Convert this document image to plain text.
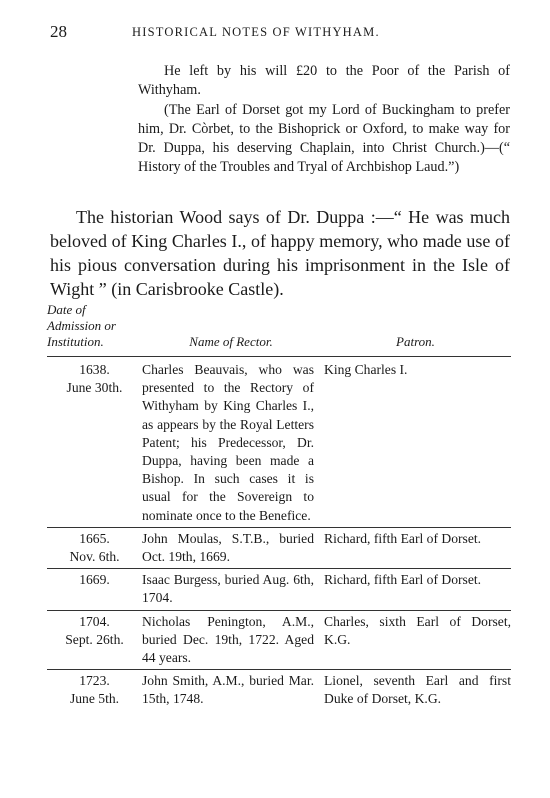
28	HISTORICAL NOTES OF WITHYHAM.

He left by his will £20 to the Poor of the Parish of Withyham.

(The Earl of Dorset got my Lord of Buckingham to prefer him, Dr. Còrbet, to the Bishoprick or Oxford, to make way for Dr. Duppa, his deserving Chaplain, into Christ Church.)—(“ History of the Troubles and Tryal of Archbishop Laud.”)

The historian Wood says of Dr. Duppa :—“ He was much beloved of King Charles I., of happy memory, who made use of his pious conversation during his imprisonment in the Isle of Wight ” (in Carisbrooke Castle).

Date of Admission or Institution.	Name of Rector.	Patron.

1638.
June 30th.	Charles Beauvais, who was presented to the Rectory of Withyham by King Charles I., as appears by the Royal Letters Patent; his Predecessor, Dr. Duppa, having been made a Bishop. In such cases it is usual for the Sovereign to nominate once to the Benefice.	King Charles I.

1665.
Nov. 6th.	John Moulas, S.T.B., buried Oct. 19th, 1669.	Richard, fifth Earl of Dorset.

1669.	Isaac Burgess, buried Aug. 6th, 1704.	Richard, fifth Earl of Dorset.

1704.
Sept. 26th.	Nicholas Penington, A.M., buried Dec. 19th, 1722. Aged 44 years.	Charles, sixth Earl of Dorset, K.G.

1723.
June 5th.	John Smith, A.M., buried Mar. 15th, 1748.	Lionel, seventh Earl and first Duke of Dorset, K.G.
